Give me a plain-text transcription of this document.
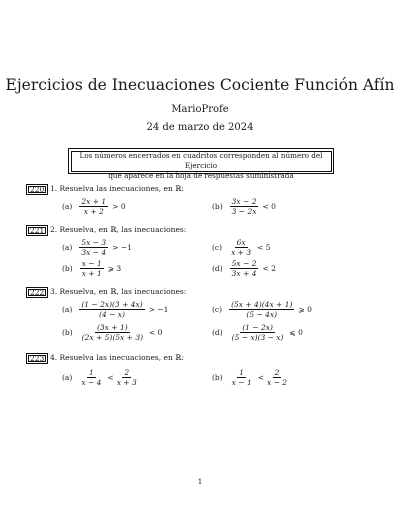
Ejercicios de Inecuaciones Cociente Función Afín
MarioProfe
24 de marzo de 2024
Los números encerrados en cuadritos corresponden al número del Ejercicio
que aparece en la hoja de respuestas suministrada
220 1. Resuelva las inecuaciones, en ℝ:
$(a) \frac{2x + 1}{x + 2} > 0$	$(b) \frac{3x - 2}{3 - 2x} < 0$
221 2. Resuelva, en ℝ, las inecuaciones:
$(a) \frac{5x - 3}{3x - 4} > -1$	$(c) \frac{6x}{x + 3} < 5$
$(b) \frac{x - 1}{x + 1}$ ⩾ 3	$(d) \frac{5x - 2}{3x + 4} < 2$
222 3. Resuelva, en ℝ, las inecuaciones:
$(a) \frac{(1 - 2x)(3 + 4x)}{(4 - x)} > -1$	$(c) \frac{(5x + 4)(4x + 1)}{(5 - 4x)}$ ⩾ 0
$(b) \frac{(3x + 1)}{(2x + 5)(5x + 3)} < 0$	$(d) \frac{(1 - 2x)}{(5 - x)(3 - x)}$ ⩽ 0
223 4. Resuelva las inecuaciones, en ℝ:
$(a) \frac{1}{x - 4} < \frac{2}{x + 3}$	$(b) \frac{1}{x - 1} < \frac{2}{x - 2}$
1
